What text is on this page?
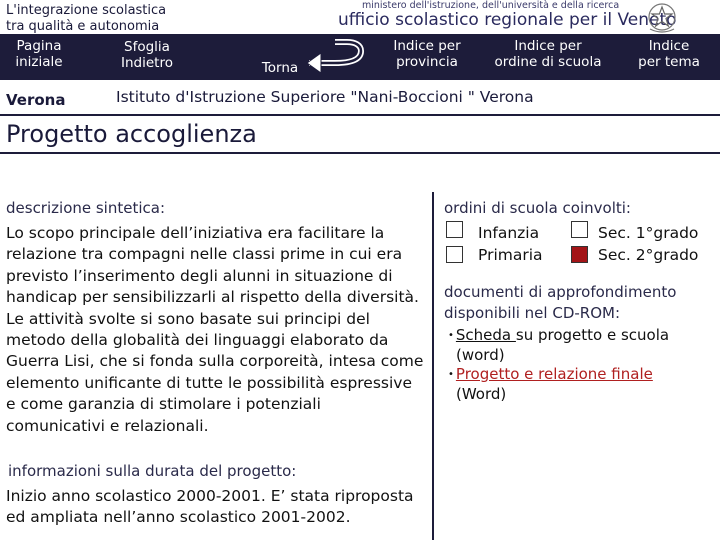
L'integrazione scolastica
tra qualità e autonomia
ministero dell'istruzione, dell'università e della ricerca
ufficio scolastico regionale per il Veneto
Pagina
iniziale
Sfoglia
Indietro	Torna
Indice per
provincia
Indice per
ordine di scuola
Indice
per tema
Verona	Istituto d'Istruzione Superiore "Nani-Boccioni " Verona
Progetto accoglienza
descrizione sintetica:
Lo scopo principale dell’iniziativa era facilitare la relazione tra compagni nelle classi prime in cui era previsto l’inserimento degli alunni in situazione di handicap per sensibilizzarli al rispetto della diversità. Le attività svolte si sono basate sui principi del metodo della globalità dei linguaggi elaborato da Guerra Lisi, che si fonda sulla corporeità, intesa come elemento unificante di tutte le possibilità espressive e come garanzia di stimolare i potenziali comunicativi e relazionali.
informazioni sulla durata del progetto:
Inizio anno scolastico 2000-2001. E’ stata riproposta ed ampliata nell’anno scolastico 2001-2002.
ordini di scuola coinvolti:
Infanzia
Primaria
Sec. 1°grado
Sec. 2°grado
documenti di approfondimento
disponibili nel CD-ROM:
• Scheda su progetto e scuola
(word)
• Progetto e relazione finale
(Word)
